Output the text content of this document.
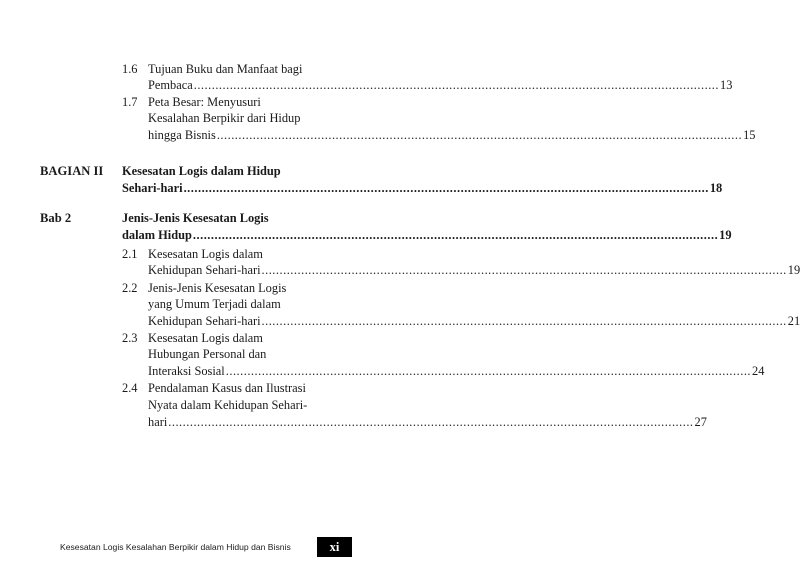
1.6 Tujuan Buku dan Manfaat bagi
Pembaca .................................................................................................................................................. 13
1.7 Peta Besar: Menyusuri
Kesalahan Berpikir dari Hidup
hingga Bisnis .................................................................................................................................................. 15
BAGIAN II Kesesatan Logis dalam Hidup
Sehari-hari .................................................................................................................................................. 18
Bab 2	Jenis-Jenis Kesesatan Logis
dalam Hidup .................................................................................................................................................. 19
2.1 Kesesatan Logis dalam
Kehidupan Sehari-hari .................................................................................................................................................. 19
2.2 Jenis-Jenis Kesesatan Logis
yang Umum Terjadi dalam
Kehidupan Sehari-hari .................................................................................................................................................. 21
2.3 Kesesatan Logis dalam
Hubungan Personal dan
Interaksi Sosial .................................................................................................................................................. 24
2.4 Pendalaman Kasus dan Ilustrasi
Nyata dalam Kehidupan Sehari-
hari .................................................................................................................................................. 27
Kesesatan Logis Kesalahan Berpikir dalam Hidup dan Bisnis	xi
